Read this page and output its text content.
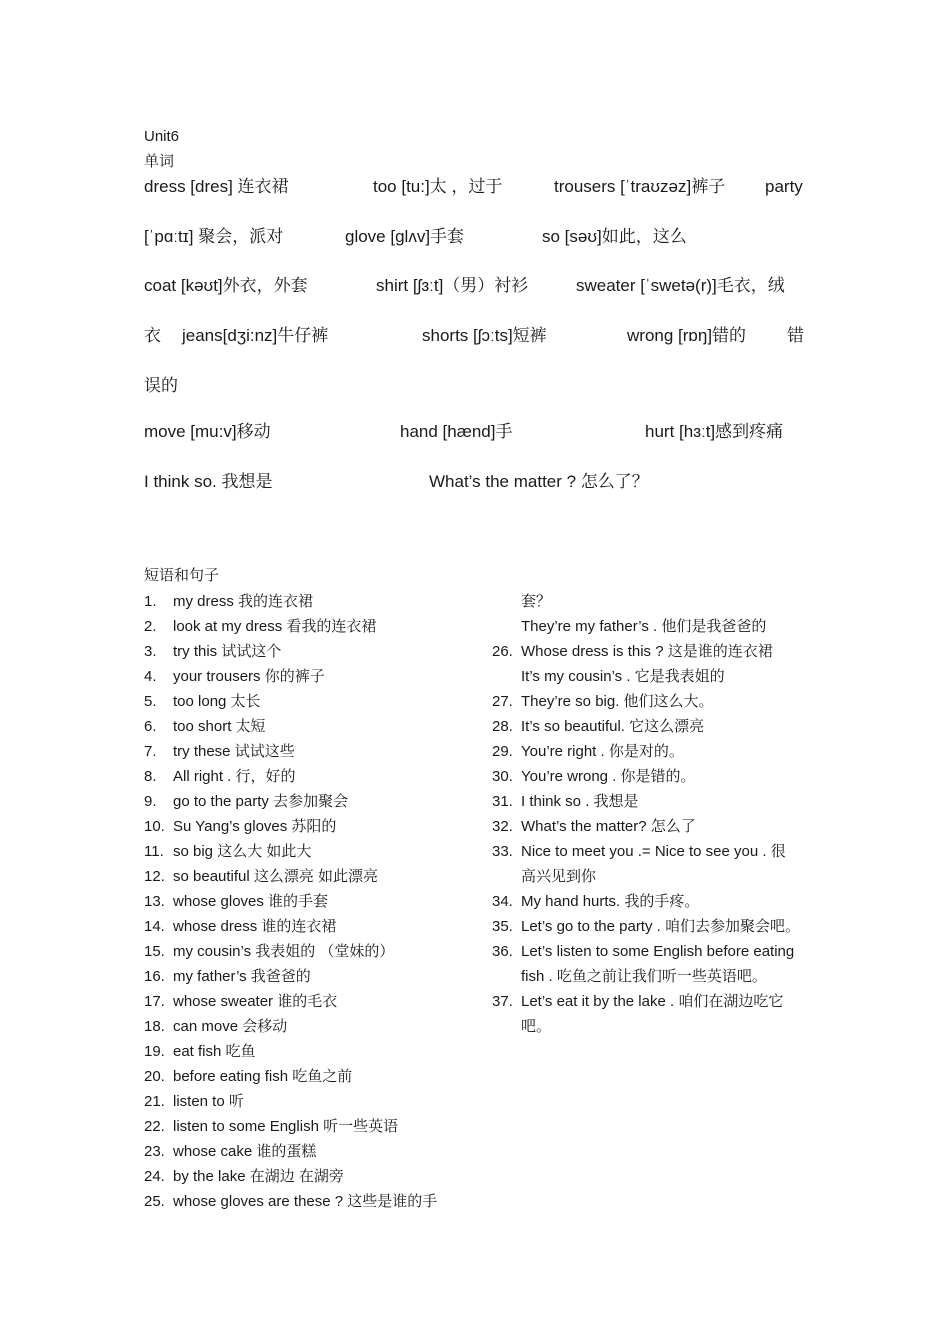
Unit6
单词
dress [dres] 连衣裙	too [tu:]太 ，过于	trousers [ˈtraʊzəz]裤子 party
[ˈpɑːtɪ] 聚会，派对	glove [glʌv]手套	so [səʊ]如此，这么
coat [kəʊt]外衣，外套	shirt [ʃɜːt]（男）衬衫	sweater [ˈswetə(r)]毛衣，绒
衣 jeans[dʒi:nz]牛仔裤	shorts [ʃɔːts]短裤	wrong [rɒŋ]错的 错
误的
move [mu:v]移动	hand [hænd]手	hurt [hɜːt]感到疼痛
I think so. 我想是	What’s the matter ? 怎么了？
短语和句子
1. my dress 我的连衣裙
2. look at my dress 看我的连衣裙
3. try this 试试这个
4. your trousers 你的裤子
5. too long 太长
6. too short 太短
7. try these 试试这些
8. All right . 行，好的
9. go to the party 去参加聚会
10. Su Yang’s gloves 苏阳的
11. so big 这么大 如此大
12. so beautiful 这么漂亮 如此漂亮
13. whose gloves 谁的手套
14. whose dress 谁的连衣裙
15. my cousin’s 我表姐的 （堂妹的）
16. my father’s 我爸爸的
17. whose sweater 谁的毛衣
18. can move 会移动
19. eat fish 吃鱼
20. before eating fish 吃鱼之前
21. listen to 听
22. listen to some English 听一些英语
23. whose cake 谁的蛋糕
24. by the lake 在湖边 在湖旁
25. whose gloves are these ? 这些是谁的手
套？
They’re my father’s . 他们是我爸爸的
26. Whose dress is this ? 这是谁的连衣裙
It’s my cousin’s . 它是我表姐的
27. They’re so big. 他们这么大。
28. It’s so beautiful. 它这么漂亮
29. You’re right . 你是对的。
30. You’re wrong . 你是错的。
31. I think so . 我想是
32. What’s the matter? 怎么了
33. Nice to meet you .= Nice to see you . 很
高兴见到你
34. My hand hurts. 我的手疼。
35. Let’s go to the party . 咱们去参加聚会吧。
36. Let’s listen to some English before eating
fish . 吃鱼之前让我们听一些英语吧。
37. Let’s eat it by the lake . 咱们在湖边吃它
吧。
